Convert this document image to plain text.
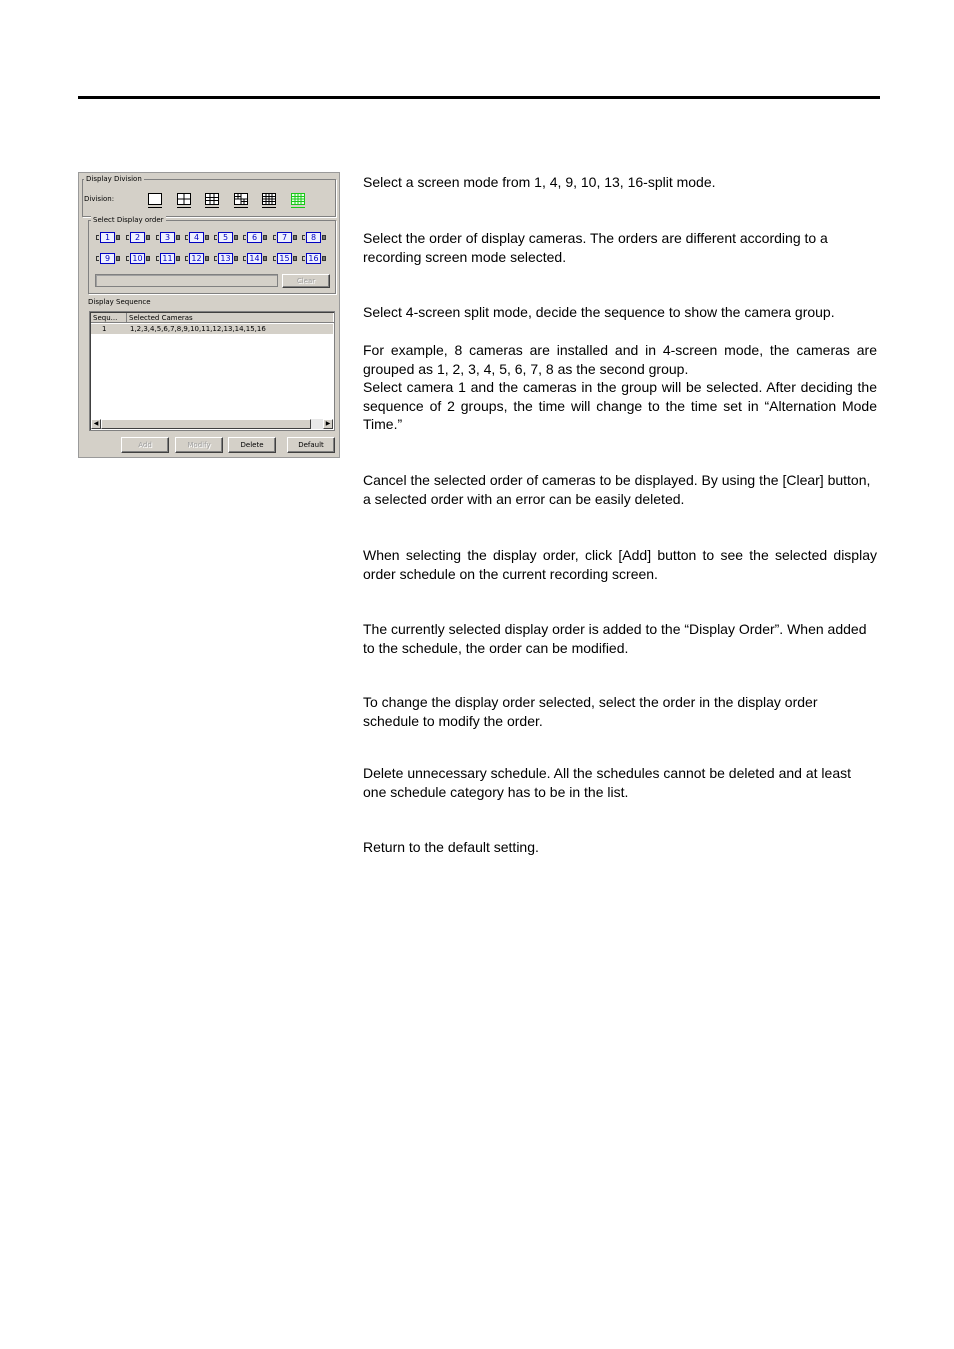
Display Division
Division:
Select Display order
1	2	3	4	5	6	7	8
9	10	11	12	13	14	15	16
Clear
Display Sequence
Sequ...	Selected Cameras
1	1,2,3,4,5,6,7,8,9,10,11,12,13,14,15,16
◀	▶
Add	Modify	Delete	Default
Select a screen mode from 1, 4, 9, 10, 13, 16-split mode.
Select the order of display cameras. The orders are different according to a recording screen mode selected.
Select 4-screen split mode, decide the sequence to show the camera group.
For example, 8 cameras are installed and in 4-screen mode, the cameras are grouped as 1, 2, 3, 4, 5, 6, 7, 8 as the second group.
Select camera 1 and the cameras in the group will be selected. After deciding the sequence of 2 groups, the time will change to the time set in “Alternation Mode Time.”
Cancel the selected order of cameras to be displayed. By using the [Clear] button, a selected order with an error can be easily deleted.
When selecting the display order, click [Add] button to see the selected display order schedule on the current recording screen.
The currently selected display order is added to the “Display Order”. When added to the schedule, the order can be modified.
To change the display order selected, select the order in the display order schedule to modify the order.
Delete unnecessary schedule. All the schedules cannot be deleted and at least one schedule category has to be in the list.
Return to the default setting.
